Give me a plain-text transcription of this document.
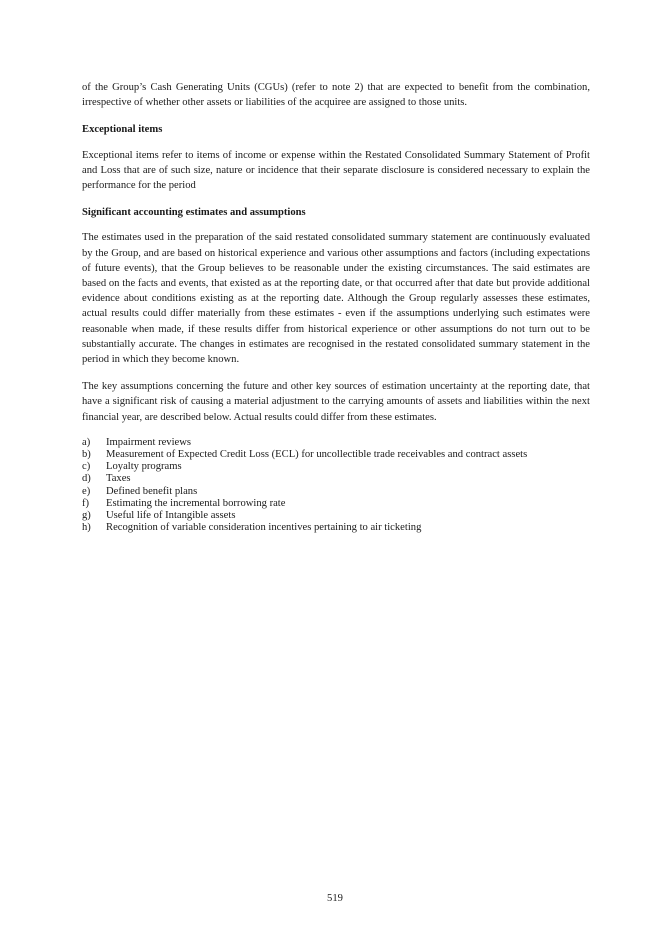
of the Group’s Cash Generating Units (CGUs) (refer to note 2) that are expected to benefit from the combination, irrespective of whether other assets or liabilities of the acquiree are assigned to those units.

Exceptional items

Exceptional items refer to items of income or expense within the Restated Consolidated Summary Statement of Profit and Loss that are of such size, nature or incidence that their separate disclosure is considered necessary to explain the performance for the period

Significant accounting estimates and assumptions

The estimates used in the preparation of the said restated consolidated summary statement are continuously evaluated by the Group, and are based on historical experience and various other assumptions and factors (including expectations of future events), that the Group believes to be reasonable under the existing circumstances. The said estimates are based on the facts and events, that existed as at the reporting date, or that occurred after that date but provide additional evidence about conditions existing as at the reporting date. Although the Group regularly assesses these estimates, actual results could differ materially from these estimates - even if the assumptions underlying such estimates were reasonable when made, if these results differ from historical experience or other assumptions do not turn out to be substantially accurate. The changes in estimates are recognised in the restated consolidated summary statement in the period in which they become known.

The key assumptions concerning the future and other key sources of estimation uncertainty at the reporting date, that have a significant risk of causing a material adjustment to the carrying amounts of assets and liabilities within the next financial year, are described below. Actual results could differ from these estimates.

a)	Impairment reviews
b)	Measurement of Expected Credit Loss (ECL) for uncollectible trade receivables and contract assets
c)	Loyalty programs
d)	Taxes
e)	Defined benefit plans
f)	Estimating the incremental borrowing rate
g)	Useful life of Intangible assets
h)	Recognition of variable consideration incentives pertaining to air ticketing
519
